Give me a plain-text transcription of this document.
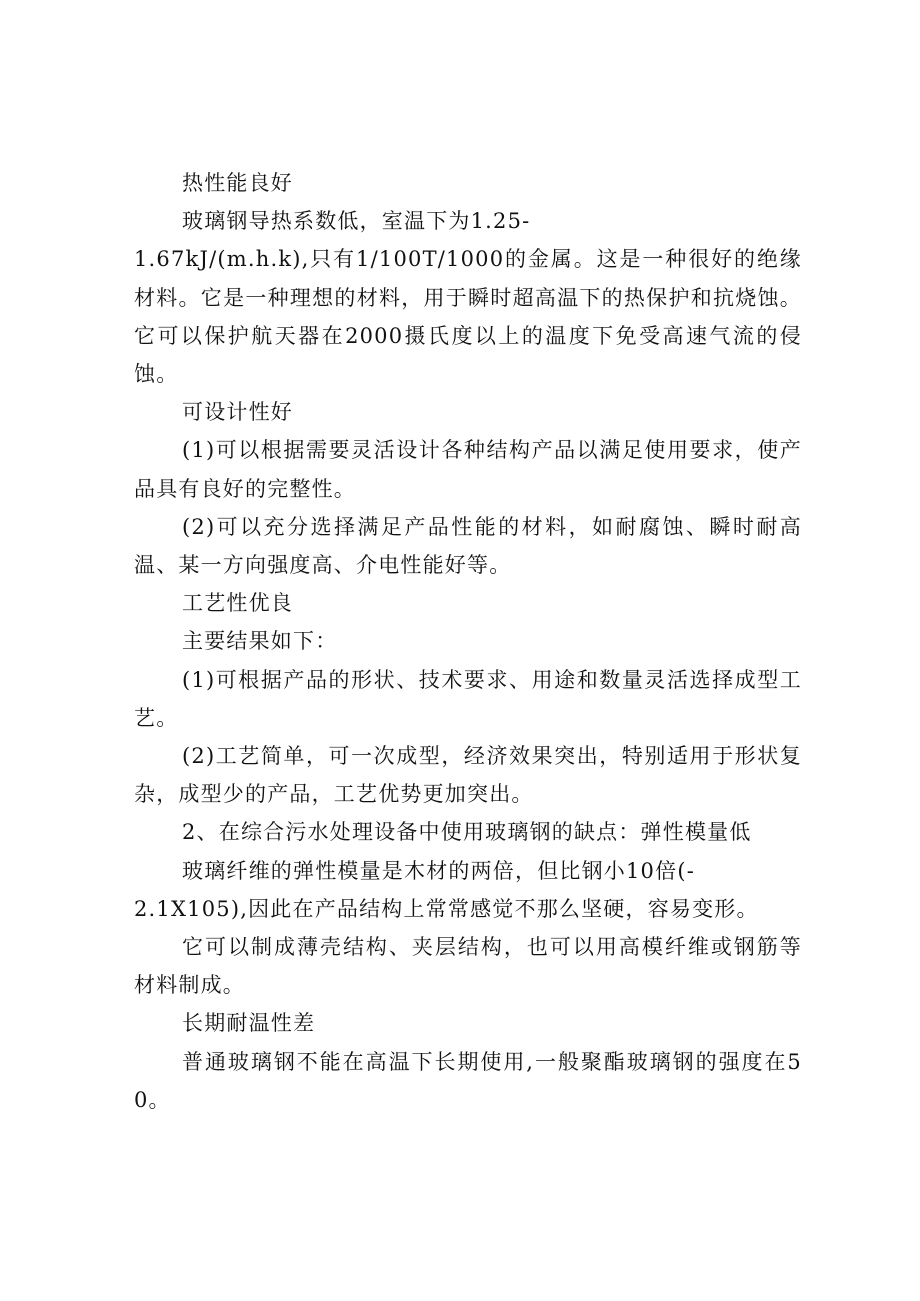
热性能良好

玻璃钢导热系数低，室温下为1.25-

1.67kJ/(m.h.k),只有1/100T/1000的金属。这是一种很好的绝缘材料。它是一种理想的材料，用于瞬时超高温下的热保护和抗烧蚀。它可以保护航天器在2000摄氏度以上的温度下免受高速气流的侵蚀。

可设计性好

(1)可以根据需要灵活设计各种结构产品以满足使用要求，使产品具有良好的完整性。

(2)可以充分选择满足产品性能的材料，如耐腐蚀、瞬时耐高温、某一方向强度高、介电性能好等。

工艺性优良

主要结果如下：

(1)可根据产品的形状、技术要求、用途和数量灵活选择成型工艺。

(2)工艺简单，可一次成型，经济效果突出，特别适用于形状复杂，成型少的产品，工艺优势更加突出。

2、在综合污水处理设备中使用玻璃钢的缺点：弹性模量低

玻璃纤维的弹性模量是木材的两倍，但比钢小10倍(-

2.1X105),因此在产品结构上常常感觉不那么坚硬，容易变形。

它可以制成薄壳结构、夹层结构，也可以用高模纤维或钢筋等材料制成。

长期耐温性差

普通玻璃钢不能在高温下长期使用,一般聚酯玻璃钢的强度在50。
